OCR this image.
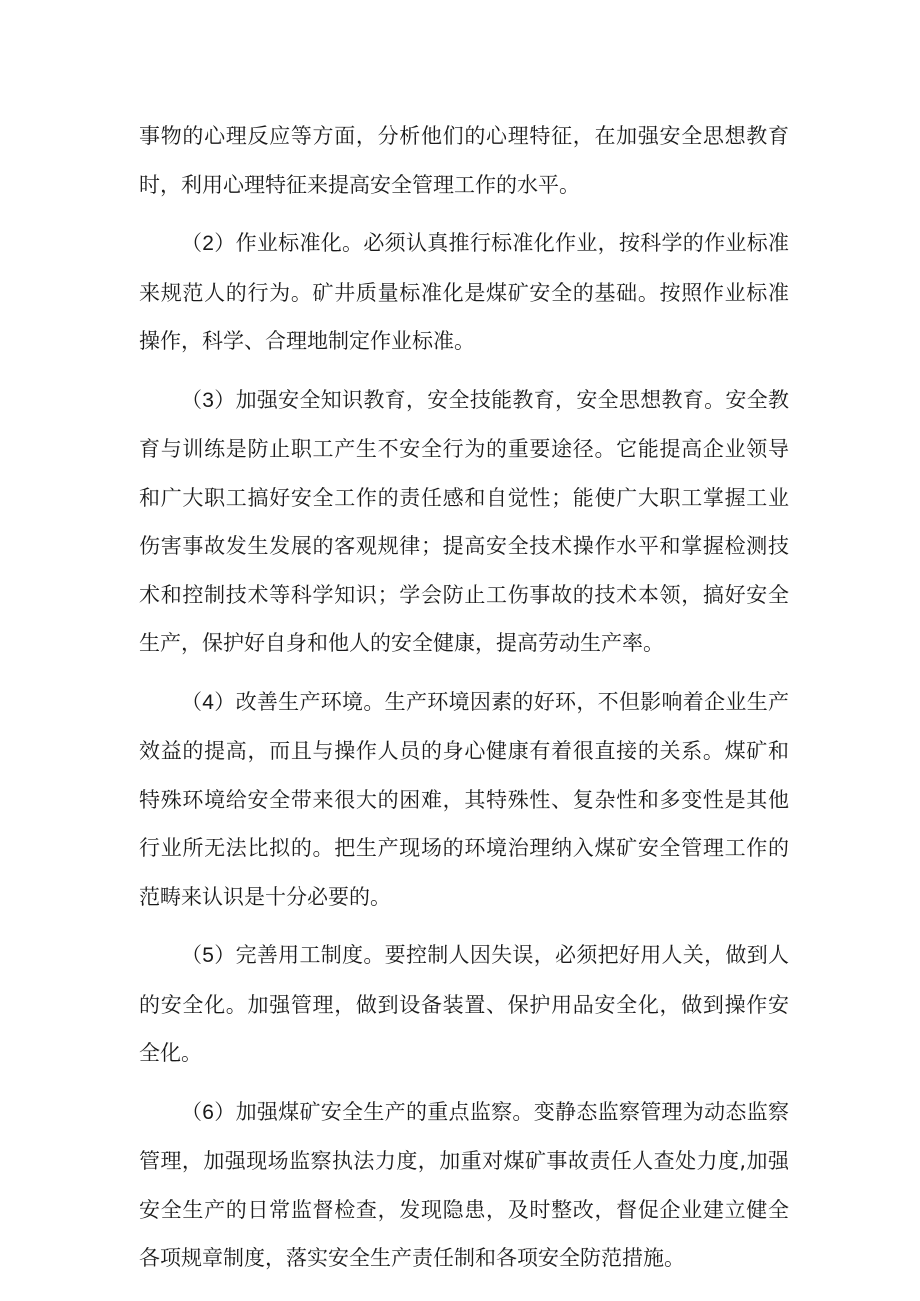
事物的心理反应等方面，分析他们的心理特征，在加强安全思想教育时，利用心理特征来提高安全管理工作的水平。

（2）作业标准化。必须认真推行标准化作业，按科学的作业标准来规范人的行为。矿井质量标准化是煤矿安全的基础。按照作业标准操作，科学、合理地制定作业标准。

（3）加强安全知识教育，安全技能教育，安全思想教育。安全教育与训练是防止职工产生不安全行为的重要途径。它能提高企业领导和广大职工搞好安全工作的责任感和自觉性；能使广大职工掌握工业伤害事故发生发展的客观规律；提高安全技术操作水平和掌握检测技术和控制技术等科学知识；学会防止工伤事故的技术本领，搞好安全生产，保护好自身和他人的安全健康，提高劳动生产率。

（4）改善生产环境。生产环境因素的好环，不但影响着企业生产效益的提高，而且与操作人员的身心健康有着很直接的关系。煤矿和特殊环境给安全带来很大的困难，其特殊性、复杂性和多变性是其他行业所无法比拟的。把生产现场的环境治理纳入煤矿安全管理工作的范畴来认识是十分必要的。

（5）完善用工制度。要控制人因失误，必须把好用人关，做到人的安全化。加强管理，做到设备装置、保护用品安全化，做到操作安全化。

（6）加强煤矿安全生产的重点监察。变静态监察管理为动态监察管理，加强现场监察执法力度，加重对煤矿事故责任人查处力度,加强安全生产的日常监督检查，发现隐患，及时整改，督促企业建立健全各项规章制度，落实安全生产责任制和各项安全防范措施。
